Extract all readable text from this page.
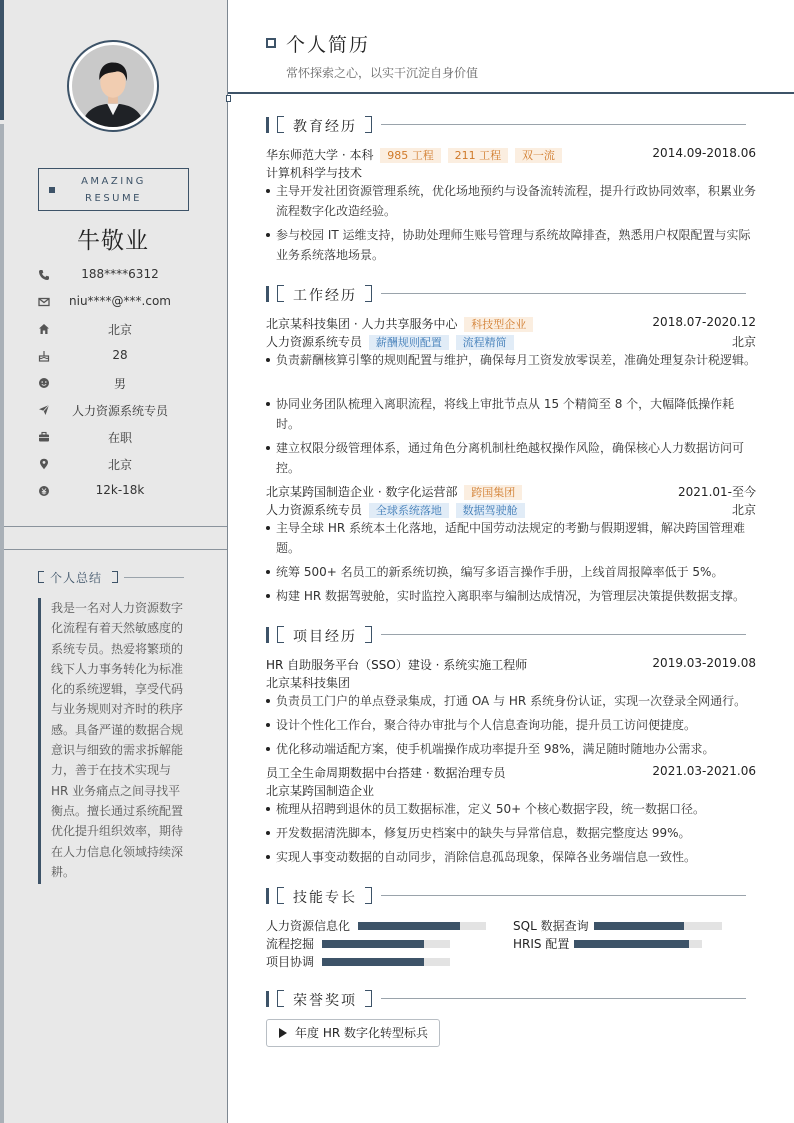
AMAZING
RESUME
牛敬业
188****6312
niu****@***.com
北京
28
男
人力资源系统专员
在职
北京
12k-18k
个人总结
我是一名对人力资源数字化流程有着天然敏感度的系统专员。热爱将繁琐的线下人力事务转化为标准化的系统逻辑，享受代码与业务规则对齐时的秩序感。具备严谨的数据合规意识与细致的需求拆解能力，善于在技术实现与HR 业务痛点之间寻找平衡点。擅长通过系统配置优化提升组织效率，期待在人力信息化领域持续深耕。
个人简历
常怀探索之心，以实干沉淀自身价值
教育经历
华东师范大学 · 本科 985 工程 211 工程 双一流	2014.09-2018.06
计算机科学与技术
主导开发社团资源管理系统，优化场地预约与设备流转流程，提升行政协同效率，积累业务流程数字化改造经验。
参与校园 IT 运维支持，协助处理师生账号管理与系统故障排查，熟悉用户权限配置与实际业务系统落地场景。
工作经历
北京某科技集团 · 人力共享服务中心 科技型企业	2018.07-2020.12
人力资源系统专员 薪酬规则配置 流程精简	北京
负责薪酬核算引擎的规则配置与维护，确保每月工资发放零误差，准确处理复杂计税逻辑。
协同业务团队梳理入离职流程，将线上审批节点从 15 个精简至 8 个，大幅降低操作耗时。
建立权限分级管理体系，通过角色分离机制杜绝越权操作风险，确保核心人力数据访问可控。
北京某跨国制造企业 · 数字化运营部 跨国集团	2021.01-至今
人力资源系统专员 全球系统落地 数据驾驶舱	北京
主导全球 HR 系统本土化落地，适配中国劳动法规定的考勤与假期逻辑，解决跨国管理难题。
统筹 500+ 名员工的新系统切换，编写多语言操作手册，上线首周报障率低于 5%。
构建 HR 数据驾驶舱，实时监控入离职率与编制达成情况，为管理层决策提供数据支撑。
项目经历
HR 自助服务平台（SSO）建设 · 系统实施工程师	2019.03-2019.08
北京某科技集团
负责员工门户的单点登录集成，打通 OA 与 HR 系统身份认证，实现一次登录全网通行。
设计个性化工作台，聚合待办审批与个人信息查询功能，提升员工访问便捷度。
优化移动端适配方案，使手机端操作成功率提升至 98%，满足随时随地办公需求。
员工全生命周期数据中台搭建 · 数据治理专员	2021.03-2021.06
北京某跨国制造企业
梳理从招聘到退休的员工数据标准，定义 50+ 个核心数据字段，统一数据口径。
开发数据清洗脚本，修复历史档案中的缺失与异常信息，数据完整度达 99%。
实现人事变动数据的自动同步，消除信息孤岛现象，保障各业务端信息一致性。
技能专长
人力资源信息化	SQL 数据查询
流程挖掘	HRIS 配置
项目协调
荣誉奖项
年度 HR 数字化转型标兵
